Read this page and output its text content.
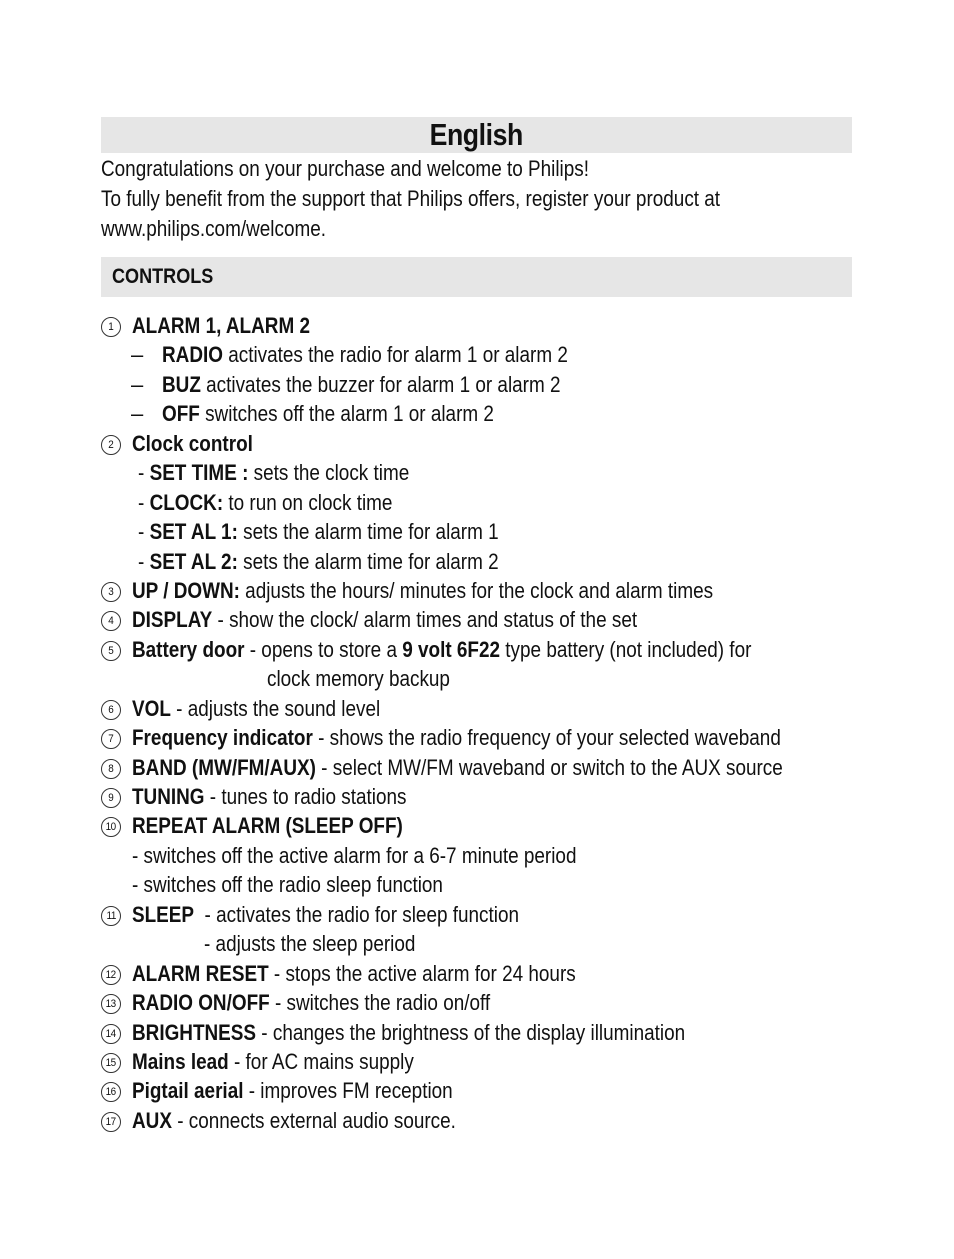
English
Congratulations on your purchase and welcome to Philips!
To fully benefit from the support that Philips offers, register your product at
www.philips.com/welcome.
CONTROLS
1 ALARM 1, ALARM 2
– RADIO activates the radio for alarm 1 or alarm 2
– BUZ activates the buzzer for alarm 1 or alarm 2
– OFF switches off the alarm 1 or alarm 2
2 Clock control
- SET TIME : sets the clock time
- CLOCK: to run on clock time
- SET AL 1: sets the alarm time for alarm 1
- SET AL 2: sets the alarm time for alarm 2
3 UP / DOWN: adjusts the hours/ minutes for the clock and alarm times
4 DISPLAY - show the clock/ alarm times and status of the set
5 Battery door - opens to store a 9 volt 6F22 type battery (not included) for
clock memory backup
6 VOL - adjusts the sound level
7 Frequency indicator - shows the radio frequency of your selected waveband
8 BAND (MW/FM/AUX) - select MW/FM waveband or switch to the AUX source
9 TUNING - tunes to radio stations
10 REPEAT ALARM (SLEEP OFF)
- switches off the active alarm for a 6-7 minute period
- switches off the radio sleep function
11 SLEEP  - activates the radio for sleep function
- adjusts the sleep period
12 ALARM RESET - stops the active alarm for 24 hours
13 RADIO ON/OFF - switches the radio on/off
14 BRIGHTNESS - changes the brightness of the display illumination
15 Mains lead - for AC mains supply
16 Pigtail aerial - improves FM reception
17 AUX - connects external audio source.
